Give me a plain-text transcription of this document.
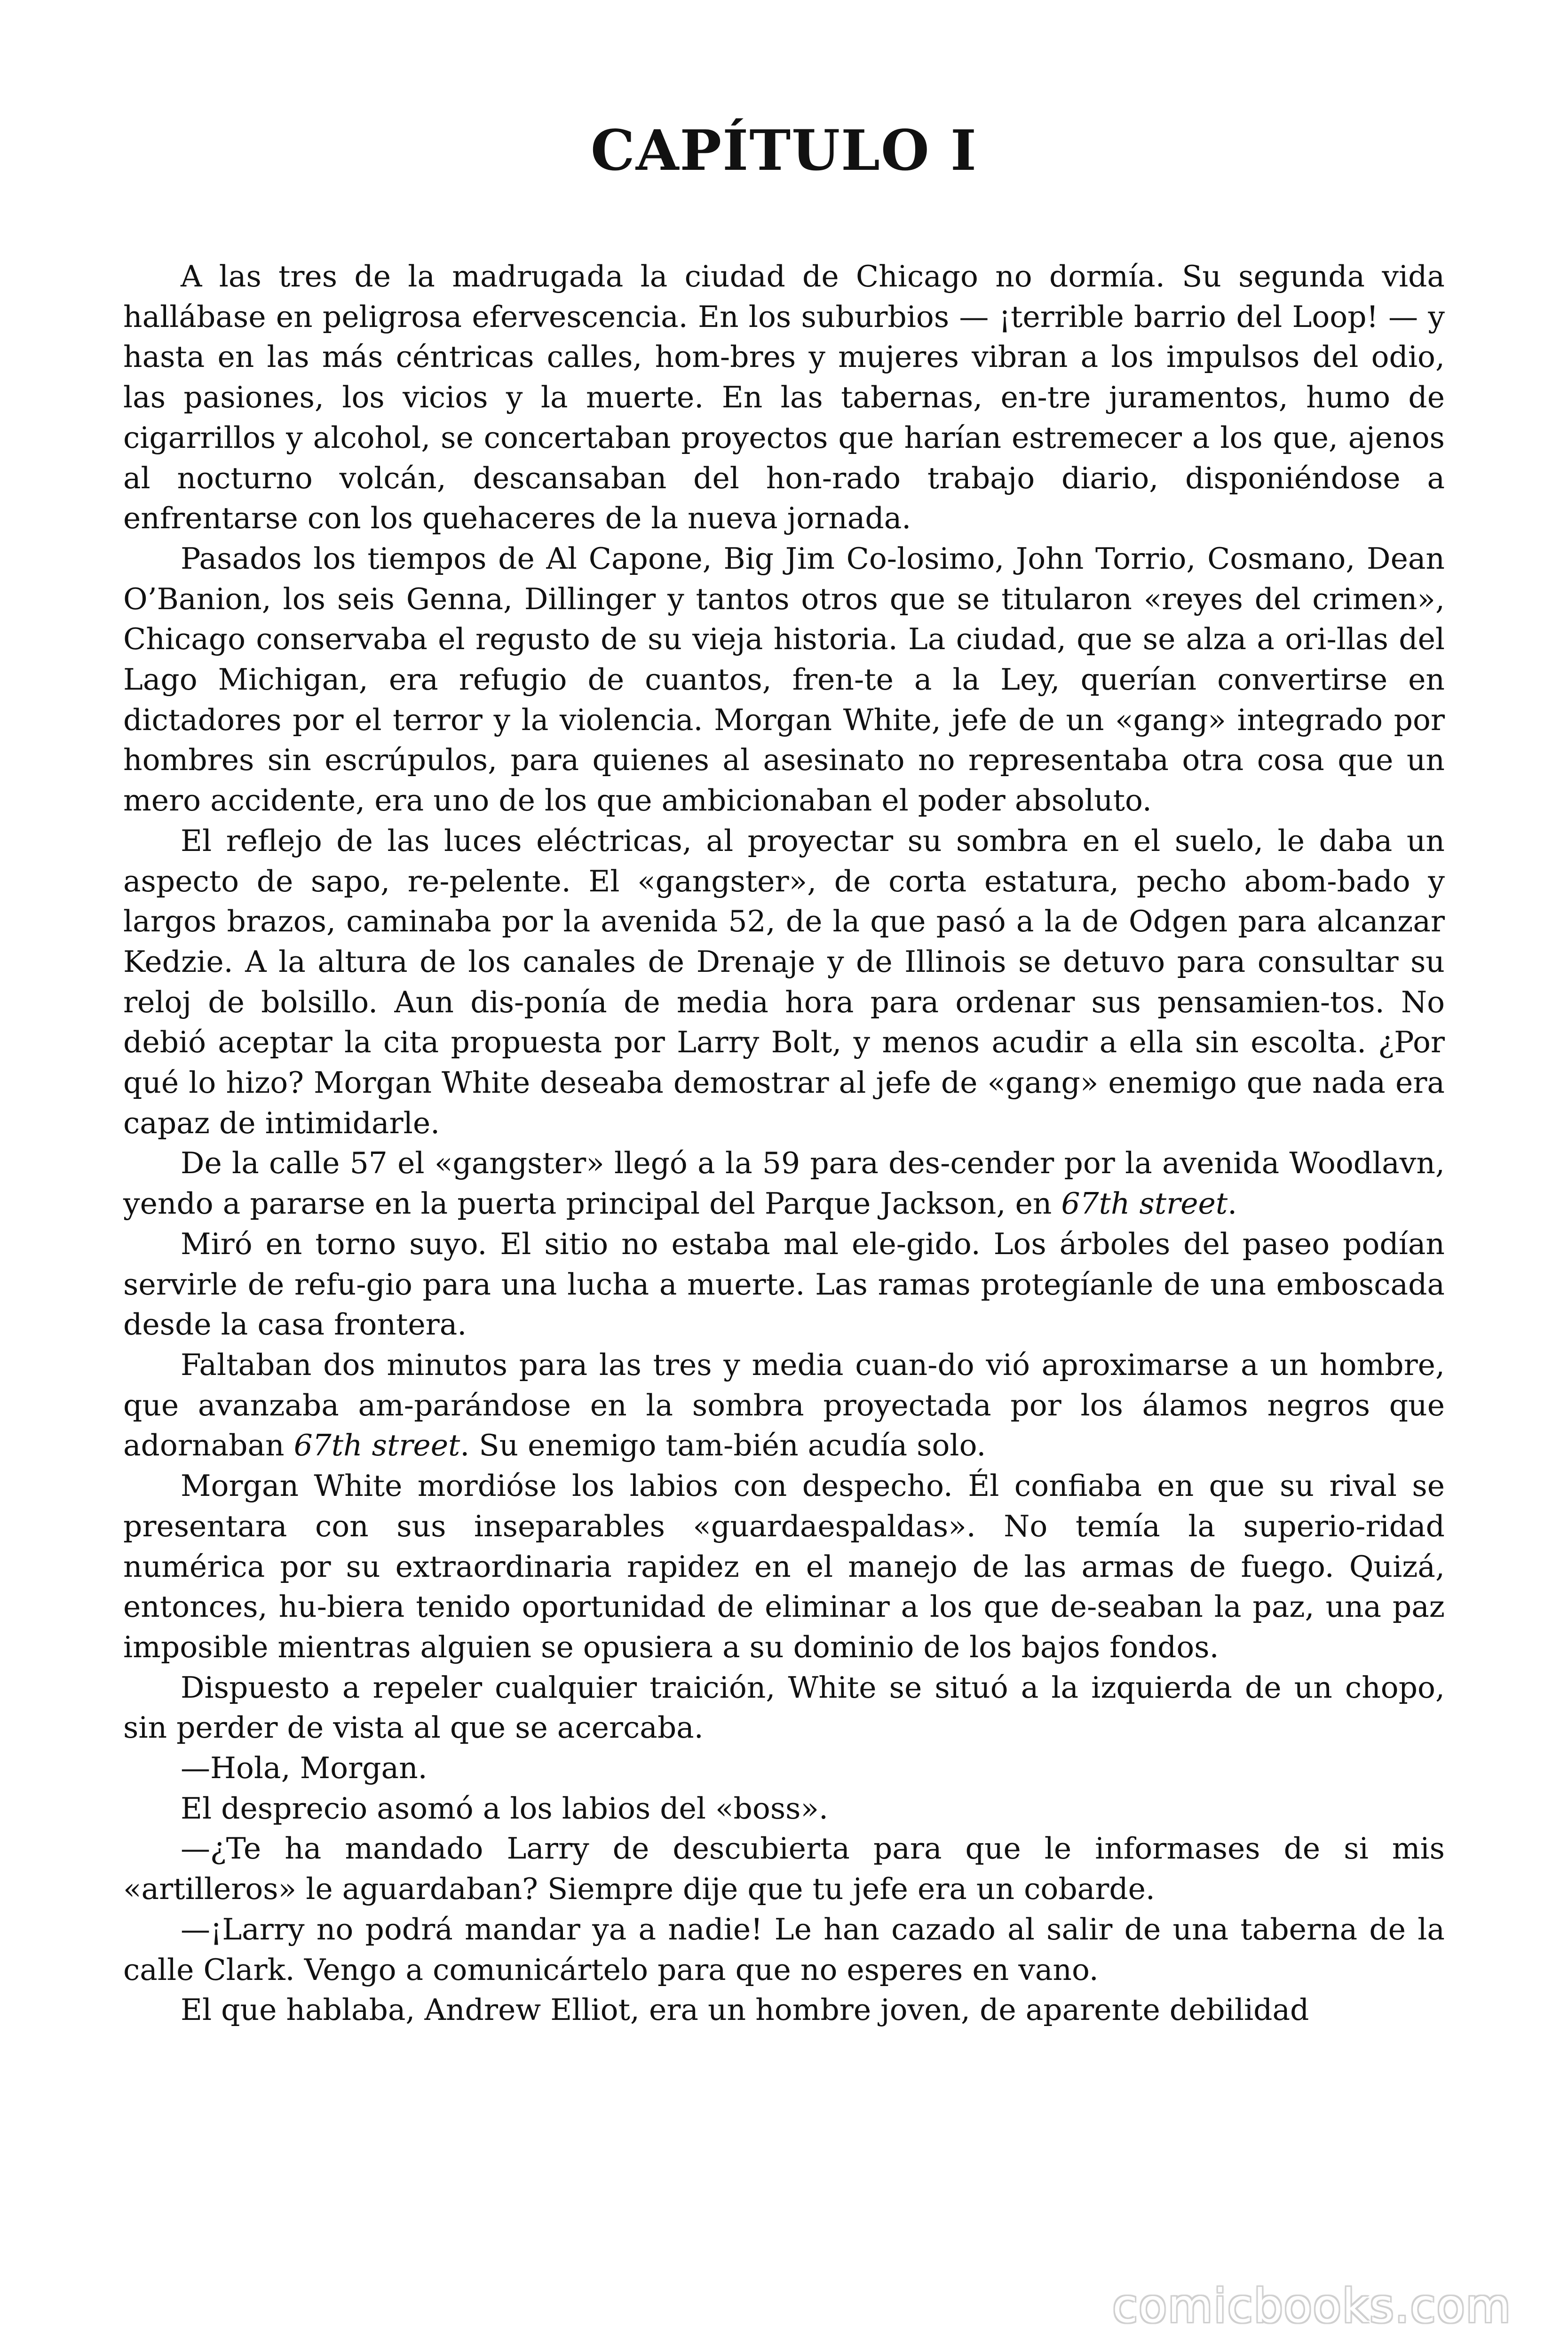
CAPÍTULO I

A las tres de la madrugada la ciudad de Chicago no dormía. Su segunda vida hallábase en peligrosa efervescencia. En los suburbios — ¡terrible barrio del Loop! — y hasta en las más céntricas calles, hom-bres y mujeres vibran a los impulsos del odio, las pasiones, los vicios y la muerte. En las tabernas, en-tre juramentos, humo de cigarrillos y alcohol, se concertaban proyectos que harían estremecer a los que, ajenos al nocturno volcán, descansaban del hon-rado trabajo diario, disponiéndose a enfrentarse con los quehaceres de la nueva jornada.

Pasados los tiempos de Al Capone, Big Jim Co-losimo, John Torrio, Cosmano, Dean O’Banion, los seis Genna, Dillinger y tantos otros que se titularon «reyes del crimen», Chicago conservaba el regusto de su vieja historia. La ciudad, que se alza a ori-llas del Lago Michigan, era refugio de cuantos, fren-te a la Ley, querían convertirse en dictadores por el terror y la violencia. Morgan White, jefe de un «gang» integrado por hombres sin escrúpulos, para quienes al asesinato no representaba otra cosa que un mero accidente, era uno de los que ambicionaban el poder absoluto.

El reflejo de las luces eléctricas, al proyectar su sombra en el suelo, le daba un aspecto de sapo, re-pelente. El «gangster», de corta estatura, pecho abom-bado y largos brazos, caminaba por la avenida 52, de la que pasó a la de Odgen para alcanzar Kedzie. A la altura de los canales de Drenaje y de Illinois se detuvo para consultar su reloj de bolsillo. Aun dis-ponía de media hora para ordenar sus pensamien-tos. No debió aceptar la cita propuesta por Larry Bolt, y menos acudir a ella sin escolta. ¿Por qué lo hizo? Morgan White deseaba demostrar al jefe de «gang» enemigo que nada era capaz de intimidarle.

De la calle 57 el «gangster» llegó a la 59 para des-cender por la avenida Woodlavn, yendo a pararse en la puerta principal del Parque Jackson, en 67th street.

Miró en torno suyo. El sitio no estaba mal ele-gido. Los árboles del paseo podían servirle de refu-gio para una lucha a muerte. Las ramas protegíanle de una emboscada desde la casa frontera.

Faltaban dos minutos para las tres y media cuan-do vió aproximarse a un hombre, que avanzaba am-parándose en la sombra proyectada por los álamos negros que adornaban 67th street. Su enemigo tam-bién acudía solo.

Morgan White mordióse los labios con despecho. Él confiaba en que su rival se presentara con sus inseparables «guardaespaldas». No temía la superio-ridad numérica por su extraordinaria rapidez en el manejo de las armas de fuego. Quizá, entonces, hu-biera tenido oportunidad de eliminar a los que de-seaban la paz, una paz imposible mientras alguien se opusiera a su dominio de los bajos fondos.

Dispuesto a repeler cualquier traición, White se situó a la izquierda de un chopo, sin perder de vista al que se acercaba.

—Hola, Morgan.

El desprecio asomó a los labios del «boss».

—¿Te ha mandado Larry de descubierta para que le informases de si mis «artilleros» le aguardaban? Siempre dije que tu jefe era un cobarde.

—¡Larry no podrá mandar ya a nadie! Le han cazado al salir de una taberna de la calle Clark. Vengo a comunicártelo para que no esperes en vano.

El que hablaba, Andrew Elliot, era un hombre joven, de aparente debilidad

comicbooks.com
